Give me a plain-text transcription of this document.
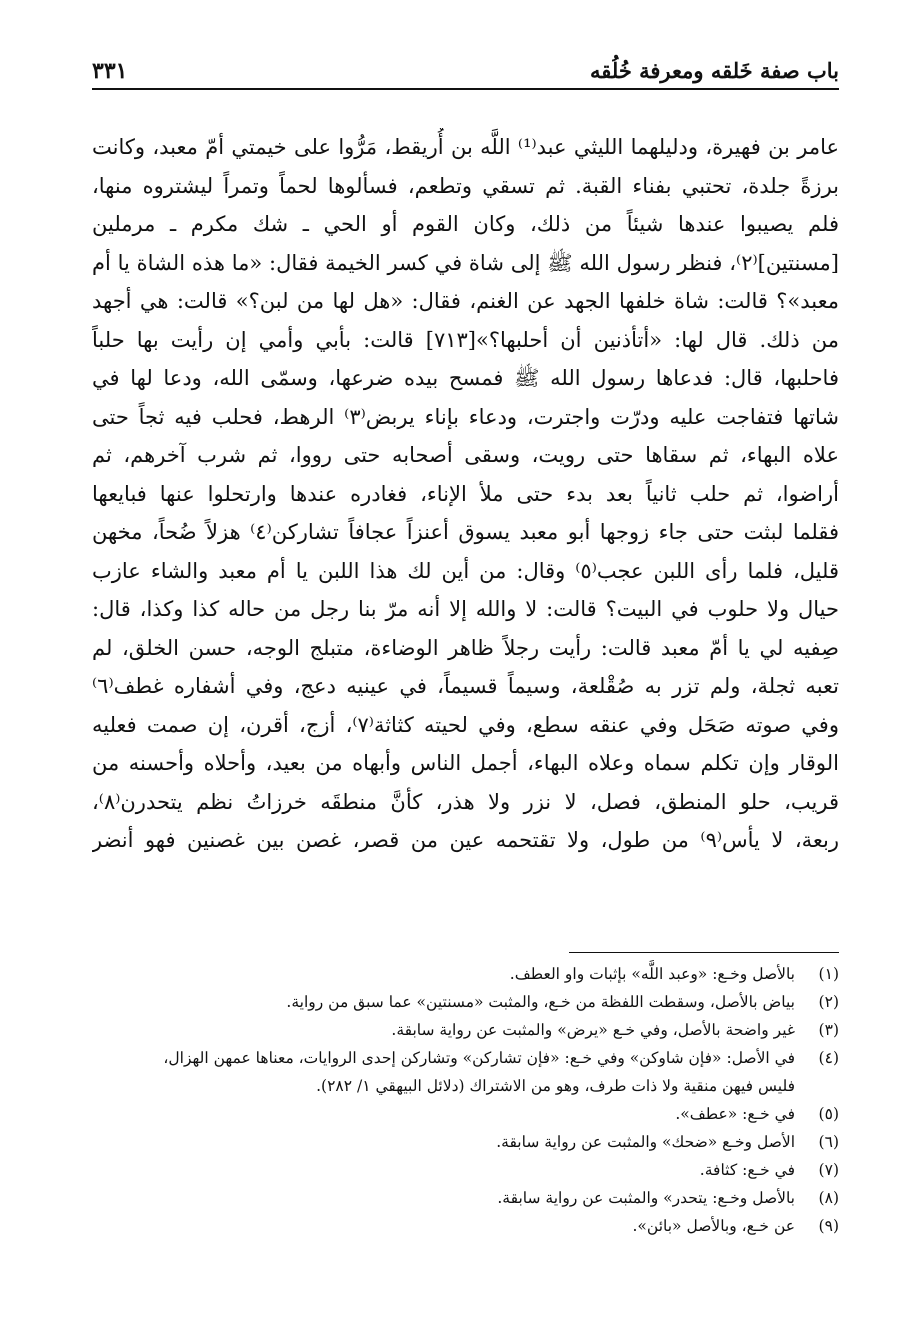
باب صفة خَلقه ومعرفة خُلُقه
٣٣١
عامر بن فهيرة، ودليلهما الليثي عبد⁽¹⁾ اللَّه بن أُريقط، مَرُّوا على خيمتي أمّ معبد، وكانت
برزةً جلدة، تحتبي بفناء القبة. ثم تسقي وتطعم، فسألوها لحماً وتمراً ليشتروه منها،
فلم يصيبوا عندها شيئاً من ذلك، وكان القوم أو الحي ـ شك مكرم ـ مرملين
[مسنتين]⁽٢⁾، فنظر رسول الله ﷺ إلى شاة في كسر الخيمة فقال: «ما هذه الشاة يا أم
معبد»؟ قالت: شاة خلفها الجهد عن الغنم، فقال: «هل لها من لبن؟» قالت: هي أجهد
من ذلك. قال لها: «أتأذنين أن أحلبها؟»[٧١٣] قالت: بأبي وأمي إن رأيت بها حلباً
فاحلبها، قال: فدعاها رسول الله ﷺ فمسح بيده ضرعها، وسمّى الله، ودعا لها في
شاتها فتفاجت عليه ودرّت واجترت، ودعاء بإناء يربض⁽٣⁾ الرهط، فحلب فيه ثجاً حتى
علاه البهاء، ثم سقاها حتى رويت، وسقى أصحابه حتى رووا، ثم شرب آخرهم، ثم
أراضوا، ثم حلب ثانياً بعد بدء حتى ملأ الإناء، فغادره عندها وارتحلوا عنها فبايعها
فقلما لبثت حتى جاء زوجها أبو معبد يسوق أعنزاً عجافاً تشاركن⁽٤⁾ هزلاً ضُحاً، مخهن
قليل، فلما رأى اللبن عجب⁽٥⁾ وقال: من أين لك هذا اللبن يا أم معبد والشاء عازب
حيال ولا حلوب في البيت؟ قالت: لا والله إلا أنه مرّ بنا رجل من حاله كذا وكذا، قال:
صِفيه لي يا أمّ معبد قالت: رأيت رجلاً ظاهر الوضاءة، متبلج الوجه، حسن الخلق، لم
تعبه ثجلة، ولم تزر به صُقْلعة، وسيماً قسيماً، في عينيه دعج، وفي أشفاره غطف⁽٦⁾
وفي صوته صَحَل وفي عنقه سطع، وفي لحيته كثاثة⁽٧⁾، أزج، أقرن، إن صمت فعليه
الوقار وإن تكلم سماه وعلاه البهاء، أجمل الناس وأبهاه من بعيد، وأحلاه وأحسنه من
قريب، حلو المنطق، فصل، لا نزر ولا هذر، كأنَّ منطقَه خرزاتُ نظم يتحدرن⁽٨⁾،
ربعة، لا يأس⁽٩⁾ من طول، ولا تقتحمه عين من قصر، غصن بين غصنين فهو أنضر
(١)
بالأصل وخـع: «وعبد اللَّه» بإثبات واو العطف.
(٢)
بياض بالأصل، وسقطت اللفظة من خـع، والمثبت «مسنتين» عما سبق من رواية.
(٣)
غير واضحة بالأصل، وفي خـع «يرض» والمثبت عن رواية سابقة.
(٤)
في الأصل: «فإن شاوكن» وفي خـع: «فإن تشاركن» وتشاركن إحدى الروايات، معناها عمهن الهزال،
فليس فيهن منقية ولا ذات طرف، وهو من الاشتراك (دلائل البيهقي ١/ ٢٨٢).
(٥)
في خـع: «عطف».
(٦)
الأصل وخـع «ضحك» والمثبت عن رواية سابقة.
(٧)
في خـع: كثافة.
(٨)
بالأصل وخـع: يتحدر» والمثبت عن رواية سابقة.
(٩)
عن خـع، وبالأصل «بائن».
